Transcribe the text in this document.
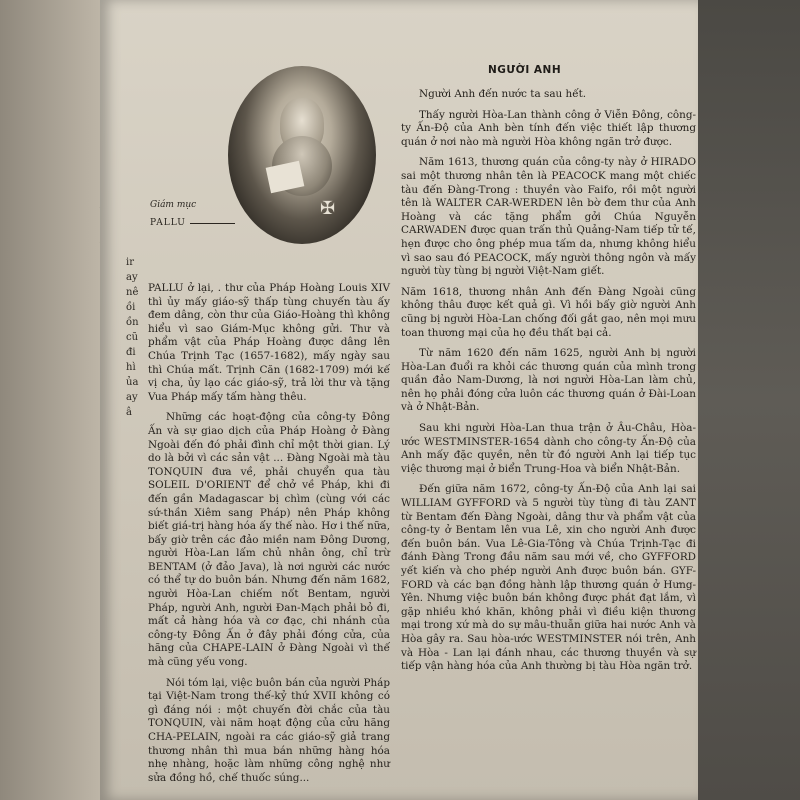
ir
ay
nê
ồi
ồn
cũ
đi
hì
ủa
ay
â
✠
Giám mục
PALLU
NGƯỜI ANH

PALLU ở lại, . thư của Pháp Hoàng Louis XIV thì ủy mấy giáo-sỹ thấp tùng chuyến tàu ấy đem dâng, còn thư của Giáo-Hoàng thì không hiểu vì sao Giám-Mục không gửi. Thư và phẩm vật của Pháp Hoàng được dâng lên Chúa Trịnh Tạc (1657-1682), mấy ngày sau thì Chúa mất. Trịnh Căn (1682-1709) mới kế vị cha, ủy lạo các giáo-sỹ, trả lời thư và tặng Vua Pháp mấy tấm hàng thêu.

Những các hoạt-động của công-ty Đông Ấn và sự giao dịch của Pháp Hoàng ở Đàng Ngoài đến đó phải đình chỉ một thời gian. Lý do là bởi vì các sản vật ... Đàng Ngoài mà tàu TONQUIN đưa về, phải chuyển qua tàu SOLEIL D'ORIENT để chở về Pháp, khi đi đến gần Madagascar bị chìm (cùng với các sứ-thần Xiêm sang Pháp) nên Pháp không biết giá-trị hàng hóa ấy thế nào. Hơ i thế nữa, bấy giờ trên các đảo miền nam Đông Dương, người Hòa-Lan lấm chủ nhân ông, chỉ trừ BENTAM (ở đảo Java), là nơi người các nước có thể tự do buôn bán. Nhưng đến năm 1682, người Hòa-Lan chiếm nốt Bentam, người Pháp, người Anh, người Đan-Mạch phải bỏ đi, mất cả hàng hóa và cơ đạc, chi nhánh của công-ty Đông Ấn ở đây phải đóng cửa, của hãng của CHAPE-LAIN ở Đàng Ngoài vì thế mà cũng yếu vong.

Nói tóm lại, việc buôn bán của người Pháp tại Việt-Nam trong thế-kỷ thứ XVII không có gì đáng nói : một chuyến đời chắc của tàu TONQUIN, vài năm hoạt động của cửu hãng CHA-PELAIN, ngoài ra các giáo-sỹ giả trang thương nhân thì mua bán những hàng hóa nhẹ nhàng, hoặc làm những công nghệ như sửa đồng hồ, chế thuốc súng...

Người Anh đến nước ta sau hết.

Thấy người Hòa-Lan thành công ở Viễn Đông, công-ty Ấn-Độ của Anh bèn tính đến việc thiết lập thương quán ở nơi nào mà người Hòa không ngăn trở được.

Năm 1613, thương quán của công-ty này ở HIRADO sai một thương nhân tên là PEACOCK mang một chiếc tàu đến Đàng-Trong : thuyền vào Faifo, rồi một người tên là WALTER CAR-WERDEN lên bờ đem thư của Anh Hoàng và các tặng phẩm gởi Chúa Nguyễn CARWADEN được quan trấn thủ Quảng-Nam tiếp tử tế, hẹn được cho ông phép mua tấm da, nhưng không hiểu vì sao sau đó PEACOCK, mấy người thông ngôn và mấy người tùy tùng bị người Việt-Nam giết.

Năm 1618, thương nhân Anh đến Đàng Ngoài cũng không thâu được kết quả gì. Vì hồi bấy giờ người Anh cũng bị người Hòa-Lan chống đối gắt gao, nên mọi mưu toan thương mại của họ đều thất bại cả.

Từ năm 1620 đến năm 1625, người Anh bị người Hòa-Lan đuổi ra khỏi các thương quán của mình trong quần đảo Nam-Dương, là nơi người Hòa-Lan làm chủ, nên họ phải đóng cửa luôn các thương quán ở Đài-Loan và ở Nhật-Bản.

Sau khi người Hòa-Lan thua trận ở Âu-Châu, Hòa-ước WESTMINSTER-1654 dành cho công-ty Ấn-Độ của Anh mấy đặc quyền, nên từ đó người Anh lại tiếp tục việc thương mại ở biển Trung-Hoa và biển Nhật-Bản.

Đến giữa năm 1672, công-ty Ấn-Độ của Anh lại sai WILLIAM GYFFORD và 5 người tùy tùng đi tàu ZANT từ Bentam đến Đàng Ngoài, dâng thư và phẩm vật của công-ty ở Bentam lên vua Lê, xin cho người Anh được đến buôn bán. Vua Lê-Gia-Tông và Chúa Trịnh-Tạc đi đánh Đàng Trong đầu năm sau mới về, cho GYFFORD yết kiến và cho phép người Anh được buôn bán. GYF-FORD và các bạn đồng hành lập thương quán ở Hưng-Yên. Nhưng việc buôn bán không được phát đạt lắm, vì gặp nhiều khó khăn, không phải vì điều kiện thương mại trong xứ mà do sự mâu-thuẫn giữa hai nước Anh và Hòa gây ra. Sau hòa-ước WESTMINSTER nói trên, Anh và Hòa - Lan lại đánh nhau, các thương thuyền và sự tiếp vận hàng hóa của Anh thường bị tàu Hòa ngăn trở.
